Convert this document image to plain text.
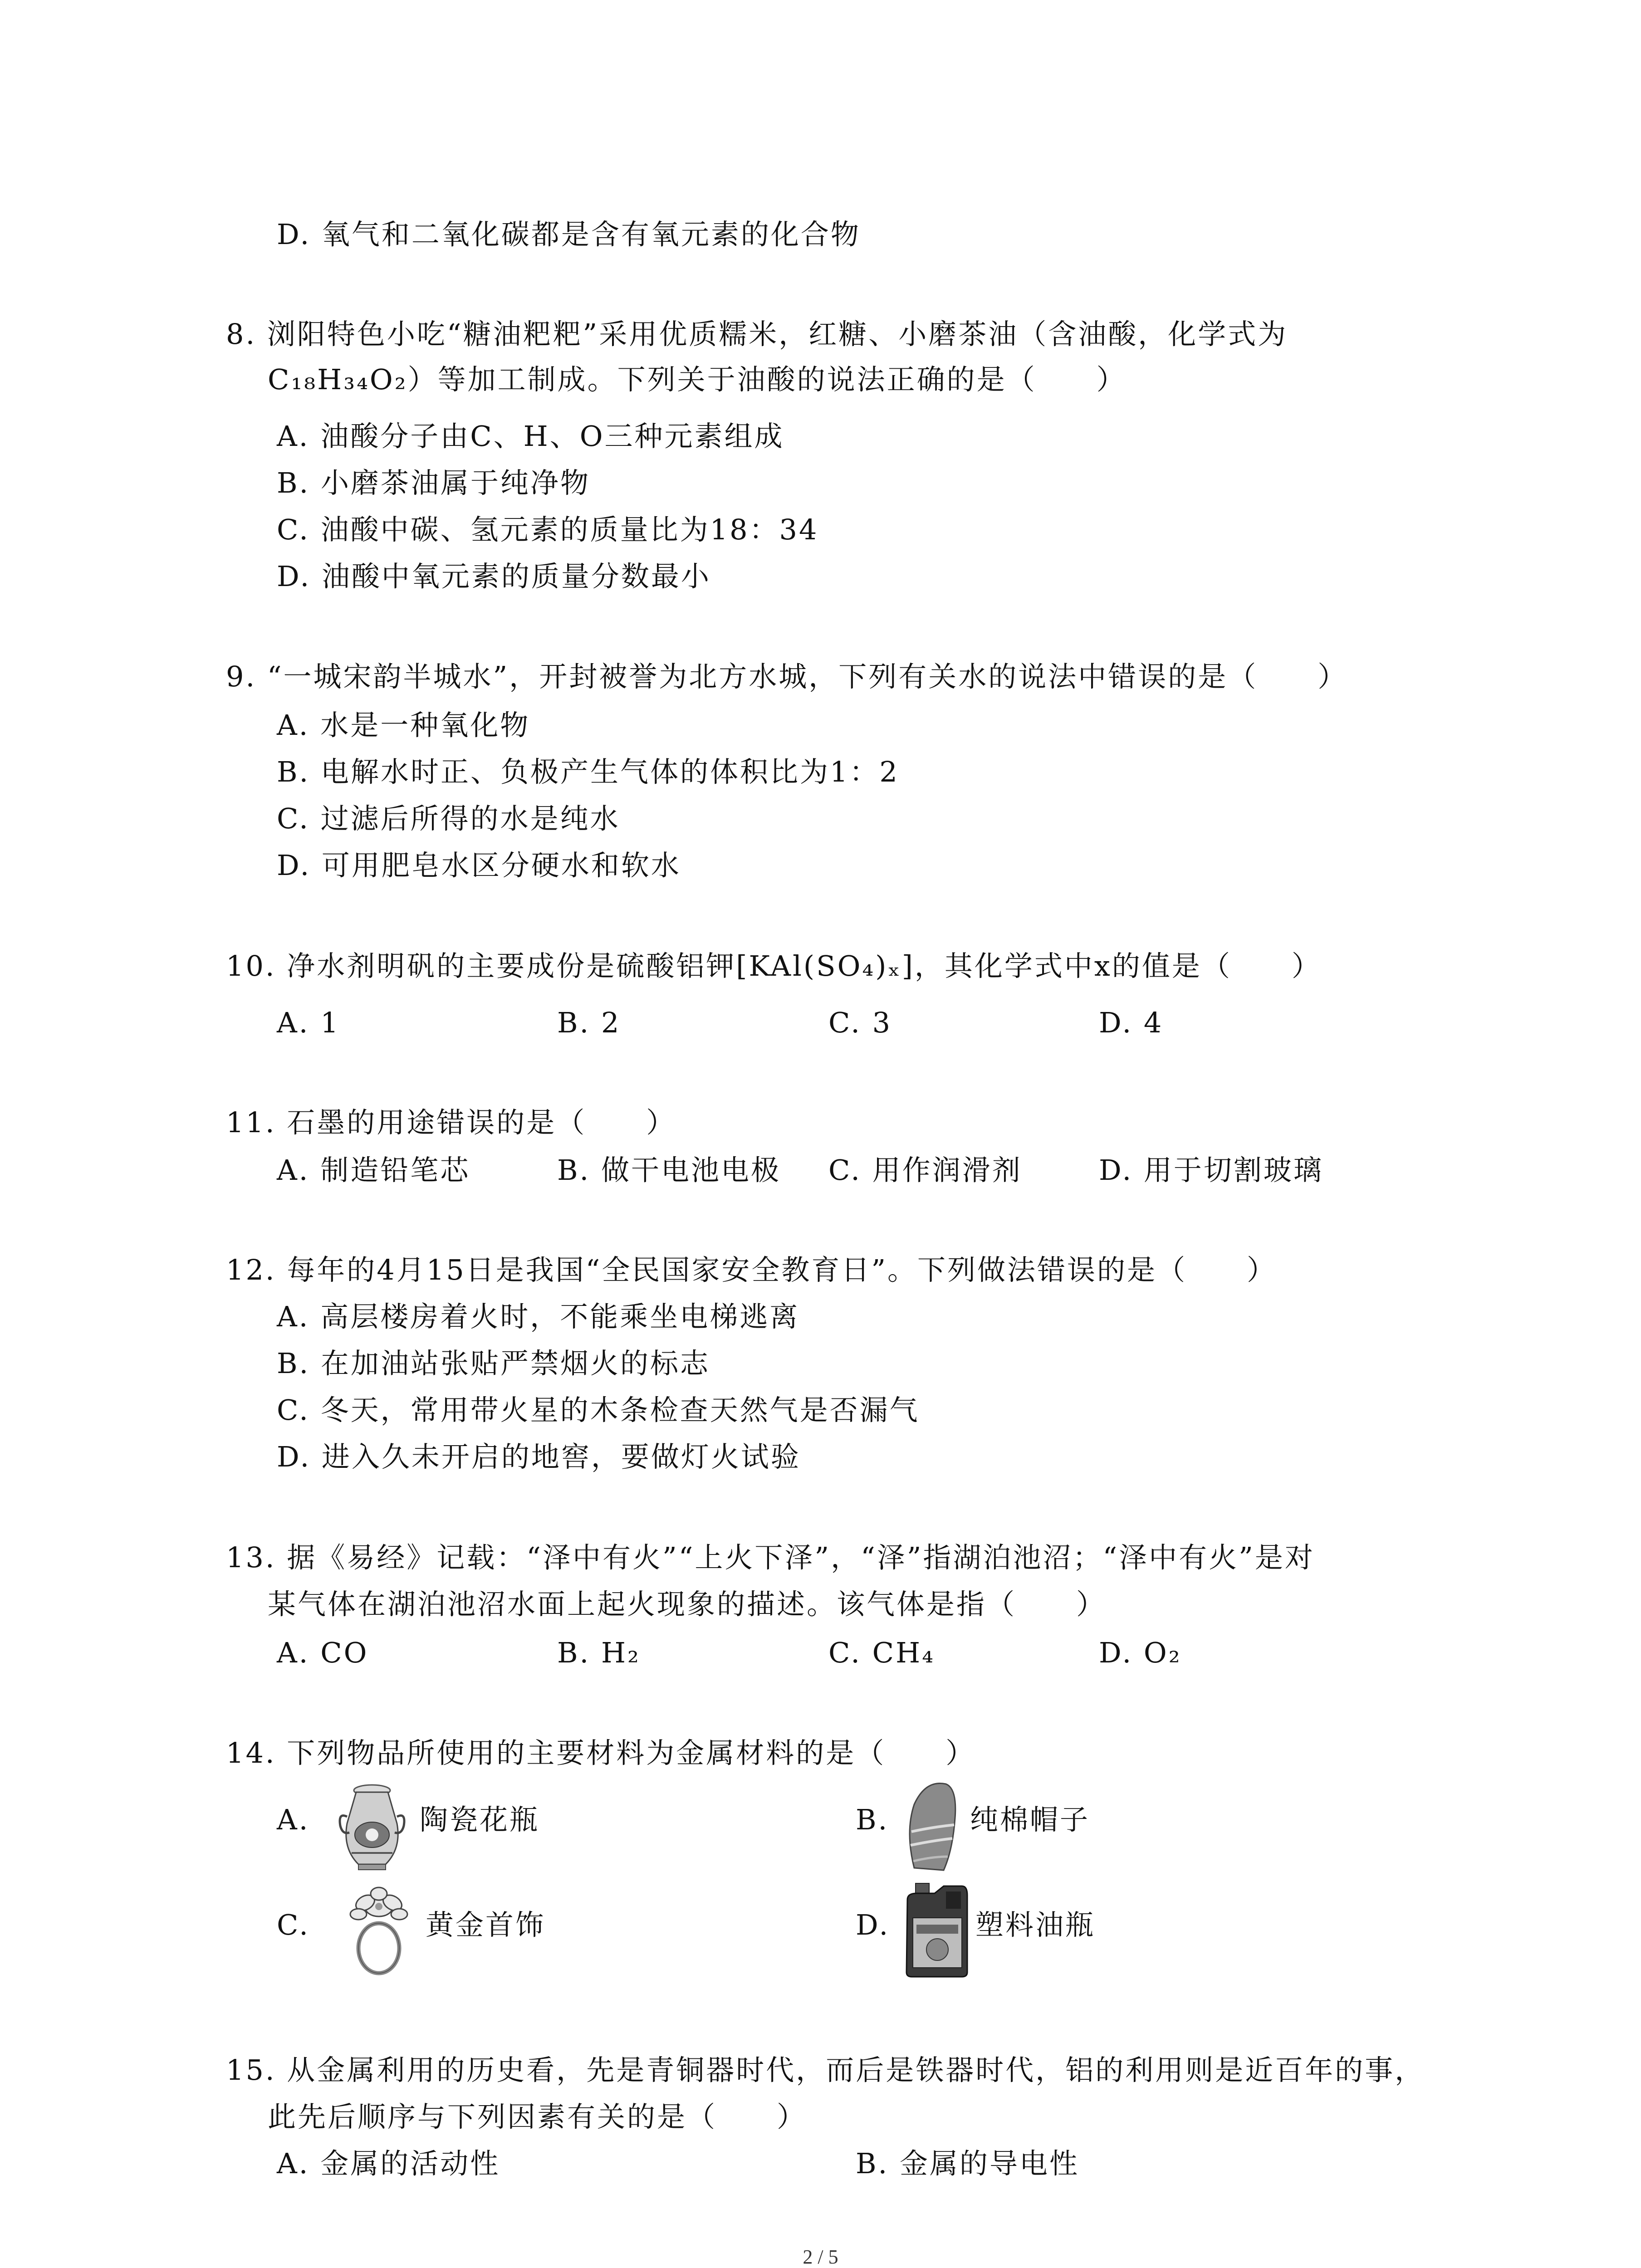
D. 氧气和二氧化碳都是含有氧元素的化合物
8. 浏阳特色小吃“糖油粑粑”采用优质糯米，红糖、小磨茶油（含油酸，化学式为
C₁₈H₃₄O₂）等加工制成。下列关于油酸的说法正确的是（　　）
A. 油酸分子由C、H、O三种元素组成
B. 小磨茶油属于纯净物
C. 油酸中碳、氢元素的质量比为18：34
D. 油酸中氧元素的质量分数最小
9. “一城宋韵半城水”，开封被誉为北方水城，下列有关水的说法中错误的是（　　）
A. 水是一种氧化物
B. 电解水时正、负极产生气体的体积比为1：2
C. 过滤后所得的水是纯水
D. 可用肥皂水区分硬水和软水
10. 净水剂明矾的主要成份是硫酸铝钾[KAl(SO₄)ₓ]，其化学式中x的值是（　　）
A. 1	B. 2	C. 3	D. 4
11. 石墨的用途错误的是（　　）
A. 制造铅笔芯	B. 做干电池电极 C. 用作润滑剂	D. 用于切割玻璃
12. 每年的4月15日是我国“全民国家安全教育日”。下列做法错误的是（　　）
A. 高层楼房着火时，不能乘坐电梯逃离
B. 在加油站张贴严禁烟火的标志
C. 冬天，常用带火星的木条检查天然气是否漏气
D. 进入久未开启的地窖，要做灯火试验
13. 据《易经》记载：“泽中有火”“上火下泽”，“泽”指湖泊池沼；“泽中有火”是对
某气体在湖泊池沼水面上起火现象的描述。该气体是指（　　）
A. CO	B. H₂	C. CH₄	D. O₂
14. 下列物品所使用的主要材料为金属材料的是（　　）
A.	陶瓷花瓶	B.	纯棉帽子
C.	黄金首饰	D.	塑料油瓶
15. 从金属利用的历史看，先是青铜器时代，而后是铁器时代，铝的利用则是近百年的事，
此先后顺序与下列因素有关的是（　　）
A. 金属的活动性	B. 金属的导电性
2 / 5
